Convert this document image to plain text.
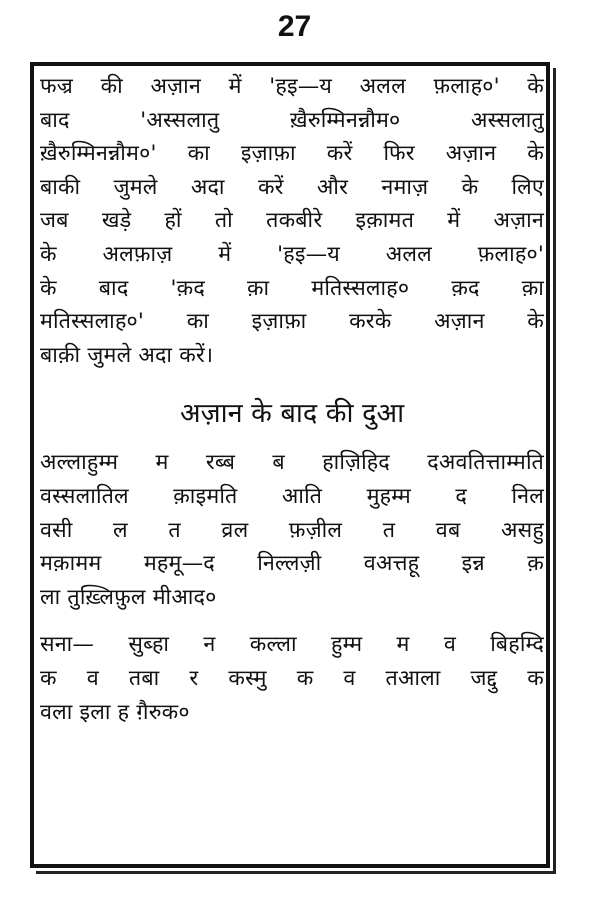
27
फज्र की अज़ान में 'हइ—य अलल फ़लाह०' के
बाद 'अस्सलातु ख़ैरुम्मिनन्नौम० अस्सलातु
ख़ैरुम्मिनन्नौम०' का इज़ाफ़ा करें फिर अज़ान के
बाकी जुमले अदा करें और नमाज़ के लिए
जब खड़े हों तो तकबीरे इक़ामत में अज़ान
के अलफ़ाज़ में 'हइ—य अलल फ़लाह०'
के बाद 'क़द क़ा मतिस्सलाह० क़द क़ा
मतिस्सलाह०' का इज़ाफ़ा करके अज़ान के
बाक़ी जुमले अदा करें।
अज़ान के बाद की दुआ
अल्लाहुम्म म रब्ब ब हाज़िहिद दअवतित्ताम्मति
वस्सलातिल क़ाइमति आति मुहम्म द निल
वसी ल त व्रल फ़ज़ील त वब असहु
मक़ामम महमू—द निल्लज़ी वअत्तहू इन्न क़
ला तुख़्लिफ़ुल मीआद०
सना— सुब्हा न कल्ला हुम्म म व बिहम्दि
क व तबा र कस्मु क व तआला जद्दु क
वला इला ह ग़ैरुक०
